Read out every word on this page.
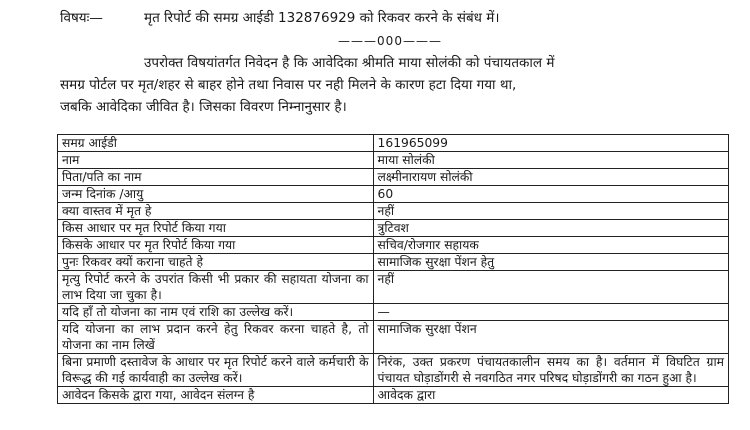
विषयः—	मृत रिपोर्ट की समग्र आईडी 132876929 को रिकवर करने के संबंध में।
———000———
उपरोक्त विषयांतर्गत निवेदन है कि आवेदिका श्रीमति माया सोलंकी को पंचायतकाल में
समग्र पोर्टल पर मृत/शहर से बाहर होने तथा निवास पर नही मिलने के कारण हटा दिया गया था,
जबकि आवेदिका जीवित है। जिसका विवरण निम्नानुसार है।
समग्र आईडी	161965099
नाम	माया सोलंकी
पिता/पति का नाम	लक्ष्मीनारायण सोलंकी
जन्म दिनांक /आयु	60
क्या वास्तव में मृत हे	नहीं
किस आधार पर मृत रिपोर्ट किया गया	त्रुटिवश
किसके आधार पर मृत रिपोर्ट किया गया	सचिव/रोजगार सहायक
पुनः रिकवर क्यों कराना चाहते हे	सामाजिक सुरक्षा पेंशन हेतु
मृत्यु रिपोर्ट करने के उपरांत किसी भी प्रकार की सहायता योजना का लाभ दिया जा चुका है।	नहीं
यदि हाँ तो योजना का नाम एवं राशि का उल्लेख करें।	—
यदि योजना का लाभ प्रदान करने हेतु रिकवर करना चाहते है, तो योजना का नाम लिखें	सामाजिक सुरक्षा पेंशन
बिना प्रमाणी दस्तावेज के आधार पर मृत रिपोर्ट करने वाले कर्मचारी के विरूद्ध की गई कार्यवाही का उल्लेख करें।	निरंक, उक्त प्रकरण पंचायतकालीन समय का है। वर्तमान में विघटित ग्राम पंचायत घोड़ाडोंगरी से नवगठित नगर परिषद घोड़ाडोंगरी का गठन हुआ है।
आवेदन किसके द्वारा गया, आवेदन संलग्न है	आवेदक द्वारा
